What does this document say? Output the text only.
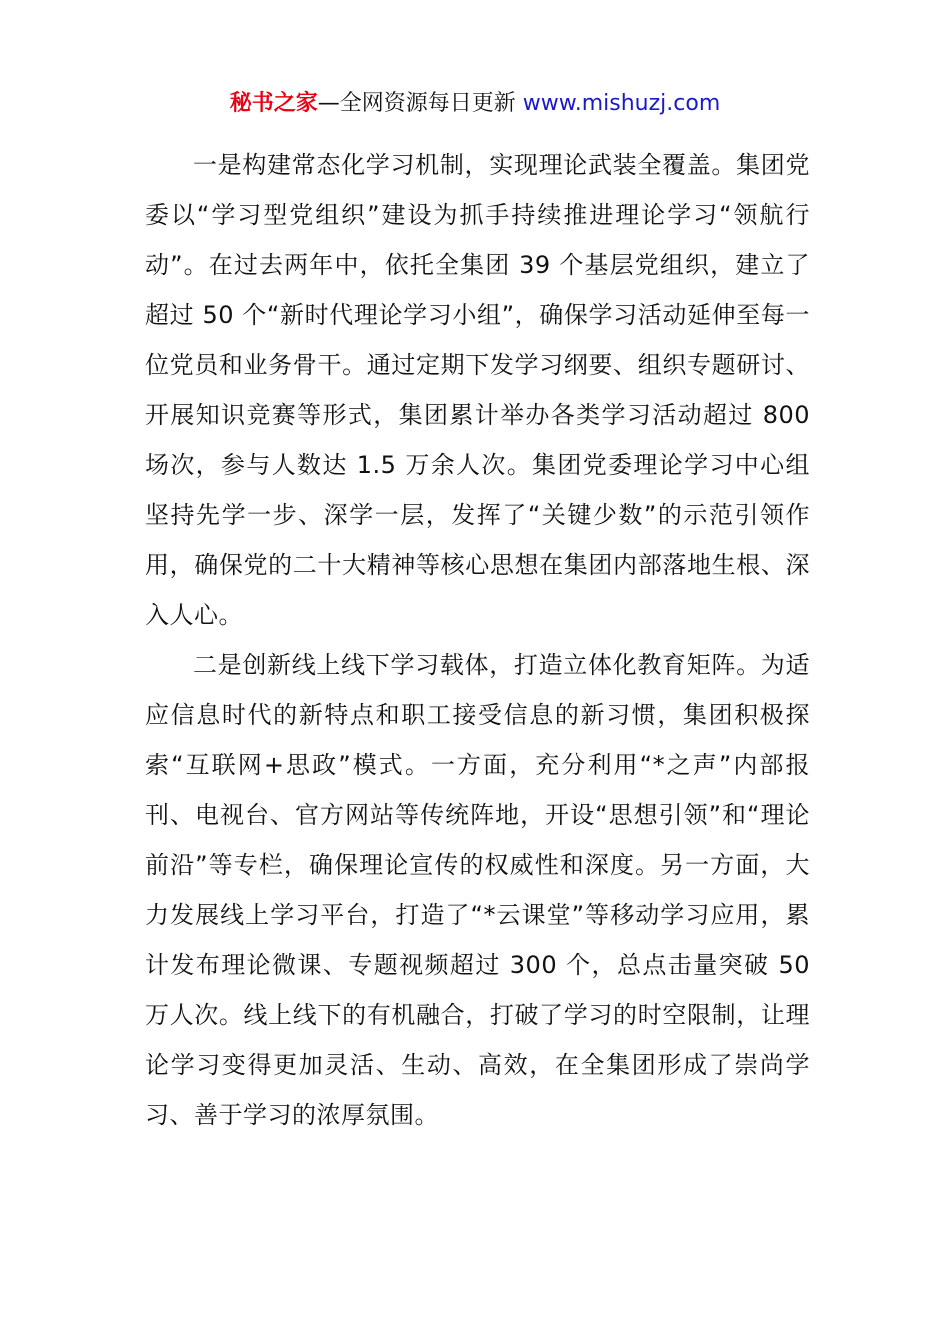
秘书之家—全网资源每日更新 www.mishuzj.com

一是构建常态化学习机制，实现理论武装全覆盖。集团党委以“学习型党组织”建设为抓手持续推进理论学习“领航行动”。在过去两年中，依托全集团 39 个基层党组织，建立了超过 50 个“新时代理论学习小组”，确保学习活动延伸至每一位党员和业务骨干。通过定期下发学习纲要、组织专题研讨、开展知识竞赛等形式，集团累计举办各类学习活动超过 800 场次，参与人数达 1.5 万余人次。集团党委理论学习中心组坚持先学一步、深学一层，发挥了“关键少数”的示范引领作用，确保党的二十大精神等核心思想在集团内部落地生根、深入人心。

二是创新线上线下学习载体，打造立体化教育矩阵。为适应信息时代的新特点和职工接受信息的新习惯，集团积极探索“互联网+思政”模式。一方面，充分利用“*之声”内部报刊、电视台、官方网站等传统阵地，开设“思想引领”和“理论前沿”等专栏，确保理论宣传的权威性和深度。另一方面，大力发展线上学习平台，打造了“*云课堂”等移动学习应用，累计发布理论微课、专题视频超过 300 个，总点击量突破 50 万人次。线上线下的有机融合，打破了学习的时空限制，让理论学习变得更加灵活、生动、高效，在全集团形成了崇尚学习、善于学习的浓厚氛围。
